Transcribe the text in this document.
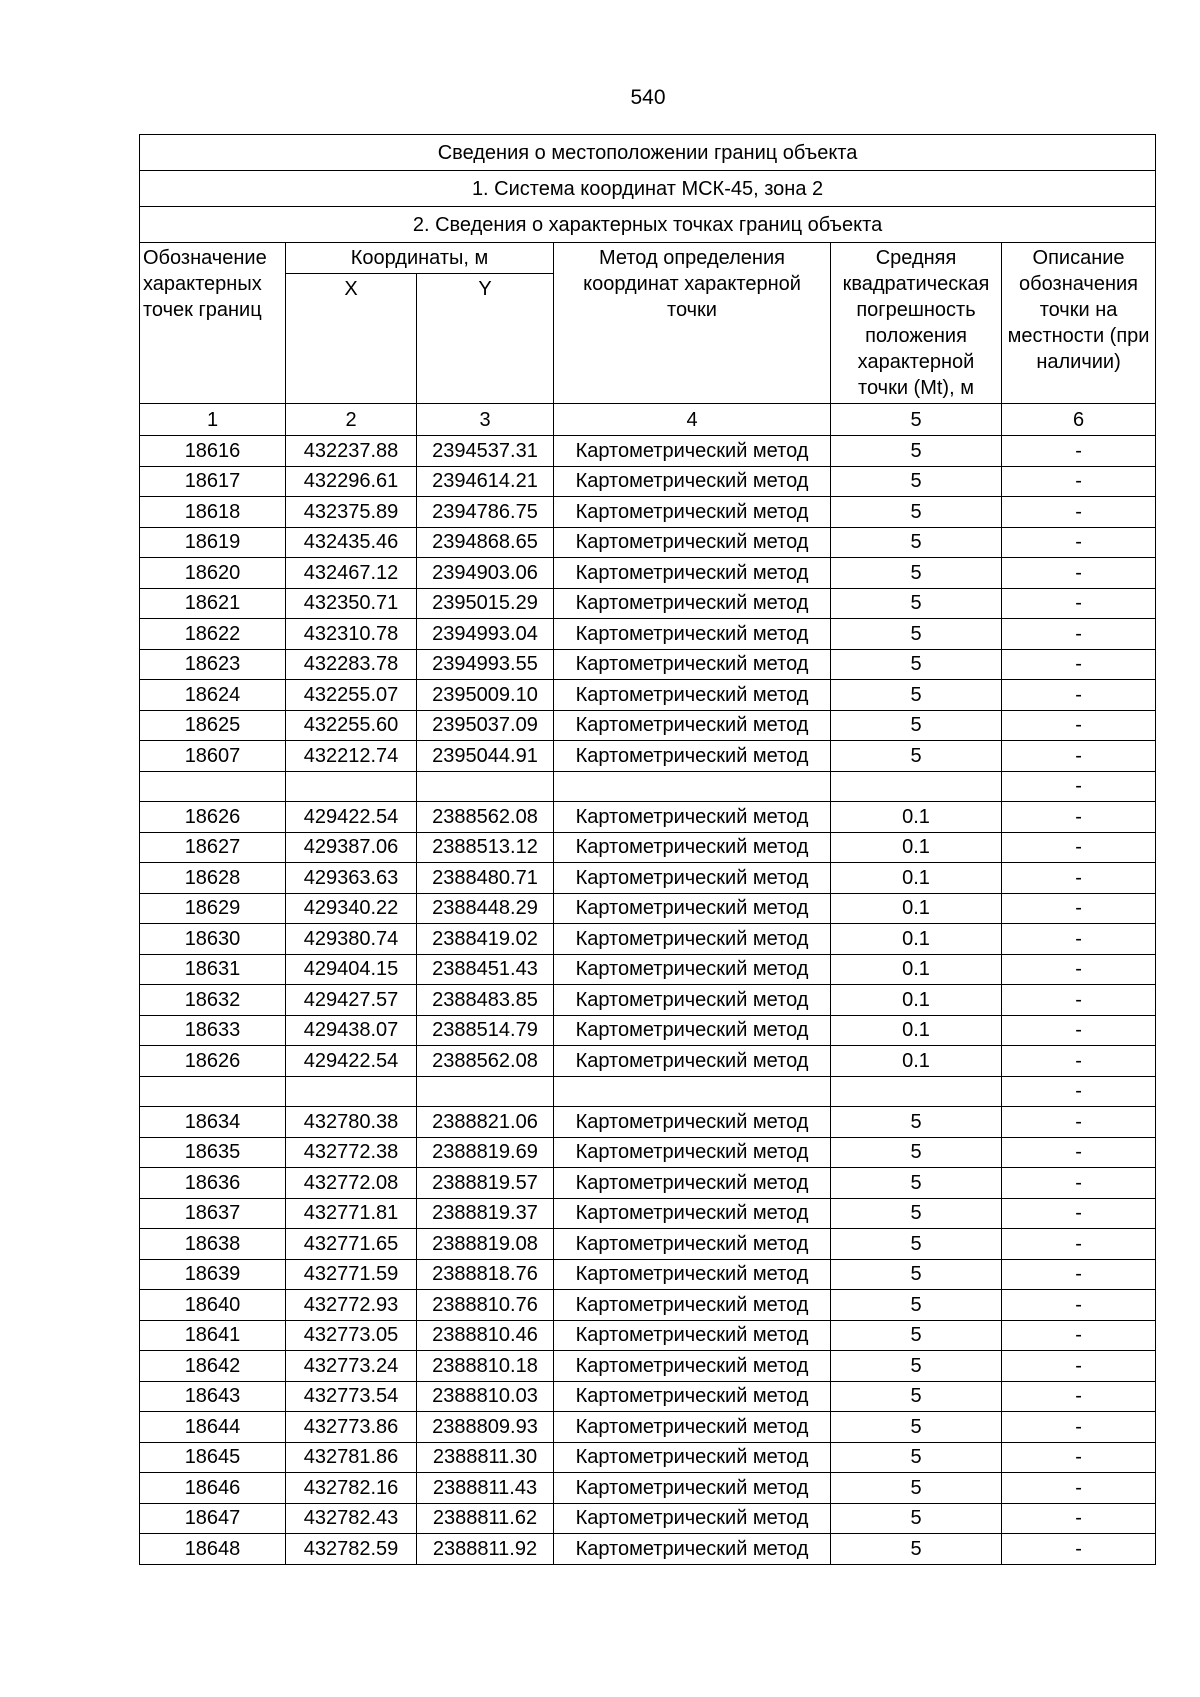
540
Сведения о местоположении границ объекта					
1. Система координат МСК-45, зона 2					
2. Сведения о характерных точках границ объекта					
Обозначение характерных точек границ	Координаты, м		Метод определения координат характерной точки	Средняя квадратическая погрешность положения характерной точки (Mt), м	Описание обозначения точки на местности (при наличии)
	X	Y			
1	2	3	4	5	6
18616	432237.88	2394537.31	Картометрический метод	5	-
18617	432296.61	2394614.21	Картометрический метод	5	-
18618	432375.89	2394786.75	Картометрический метод	5	-
18619	432435.46	2394868.65	Картометрический метод	5	-
18620	432467.12	2394903.06	Картометрический метод	5	-
18621	432350.71	2395015.29	Картометрический метод	5	-
18622	432310.78	2394993.04	Картометрический метод	5	-
18623	432283.78	2394993.55	Картометрический метод	5	-
18624	432255.07	2395009.10	Картометрический метод	5	-
18625	432255.60	2395037.09	Картометрический метод	5	-
18607	432212.74	2395044.91	Картометрический метод	5	-
					-
18626	429422.54	2388562.08	Картометрический метод	0.1	-
18627	429387.06	2388513.12	Картометрический метод	0.1	-
18628	429363.63	2388480.71	Картометрический метод	0.1	-
18629	429340.22	2388448.29	Картометрический метод	0.1	-
18630	429380.74	2388419.02	Картометрический метод	0.1	-
18631	429404.15	2388451.43	Картометрический метод	0.1	-
18632	429427.57	2388483.85	Картометрический метод	0.1	-
18633	429438.07	2388514.79	Картометрический метод	0.1	-
18626	429422.54	2388562.08	Картометрический метод	0.1	-
					-
18634	432780.38	2388821.06	Картометрический метод	5	-
18635	432772.38	2388819.69	Картометрический метод	5	-
18636	432772.08	2388819.57	Картометрический метод	5	-
18637	432771.81	2388819.37	Картометрический метод	5	-
18638	432771.65	2388819.08	Картометрический метод	5	-
18639	432771.59	2388818.76	Картометрический метод	5	-
18640	432772.93	2388810.76	Картометрический метод	5	-
18641	432773.05	2388810.46	Картометрический метод	5	-
18642	432773.24	2388810.18	Картометрический метод	5	-
18643	432773.54	2388810.03	Картометрический метод	5	-
18644	432773.86	2388809.93	Картометрический метод	5	-
18645	432781.86	2388811.30	Картометрический метод	5	-
18646	432782.16	2388811.43	Картометрический метод	5	-
18647	432782.43	2388811.62	Картометрический метод	5	-
18648	432782.59	2388811.92	Картометрический метод	5	-
